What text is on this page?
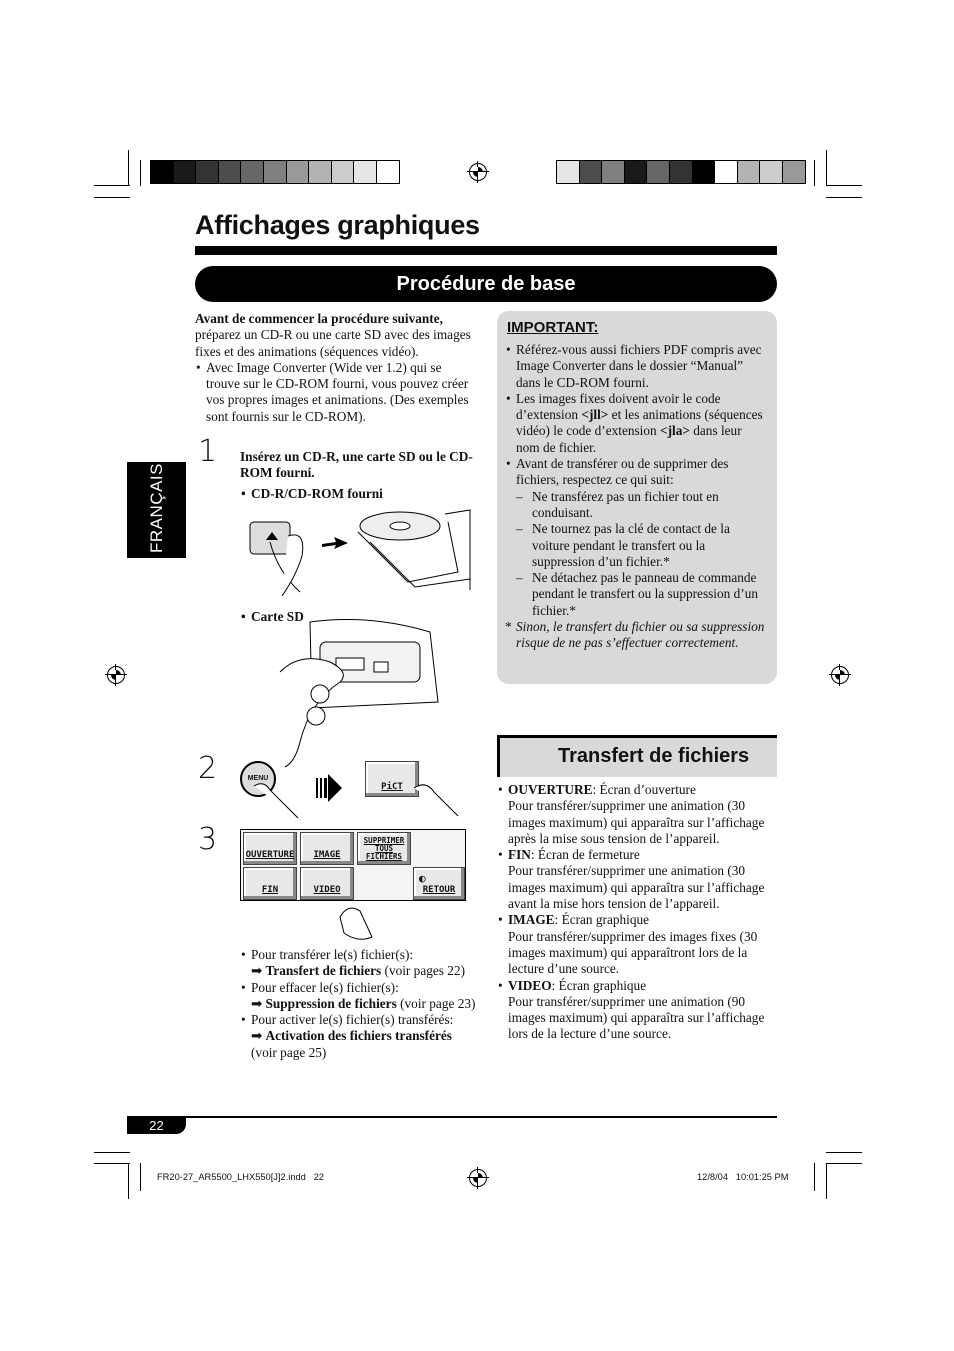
Affichages graphiques
Procédure de base
FRANÇAIS

Avant de commencer la procédure suivante,
préparez un CD-R ou une carte SD avec des images fixes et des animations (séquences vidéo).

• Avec Image Converter (Wide ver 1.2) qui se trouve sur le CD-ROM fourni, vous pouvez créer vos propres images et animations. (Des exemples sont fournis sur le CD-ROM).

1 Insérez un CD-R, une carte SD ou le CD-ROM fourni.
• CD-R/CD-ROM fourni
• Carte SD
2	MENU
PiCT
3	OUVERTURE IMAGE
SUPPRIMER TOUS FICHIERS
FIN	VIDEO
◐
RETOUR

• Pour transférer le(s) fichier(s):

➡ Transfert de fichiers (voir pages 22)

• Pour effacer le(s) fichier(s):

➡ Suppression de fichiers (voir page 23)

• Pour activer le(s) fichier(s) transférés:

➡ Activation des fichiers transférés (voir page 25)

IMPORTANT:

• Référez-vous aussi fichiers PDF compris avec Image Converter dans le dossier “Manual” dans le CD-ROM fourni.

• Les images fixes doivent avoir le code d’extension <jll> et les animations (séquences vidéo) le code d’extension <jla> dans leur nom de fichier.

• Avant de transférer ou de supprimer des fichiers, respectez ce qui suit:

– Ne transférez pas un fichier tout en conduisant.

– Ne tournez pas la clé de contact de la voiture pendant le transfert ou la suppression d’un fichier.*

– Ne détachez pas le panneau de commande pendant le transfert ou la suppression d’un fichier.*

* Sinon, le transfert du fichier ou sa suppression risque de ne pas s’effectuer correctement.

Transfert de fichiers

• OUVERTURE: Écran d’ouverture

Pour transférer/supprimer une animation (30 images maximum) qui apparaîtra sur l’affichage après la mise sous tension de l’appareil.

• FIN: Écran de fermeture

Pour transférer/supprimer une animation (30 images maximum) qui apparaîtra sur l’affichage avant la mise hors tension de l’appareil.

• IMAGE: Écran graphique

Pour transférer/supprimer des images fixes (30 images maximum) qui apparaîtront lors de la lecture d’une source.

• VIDEO: Écran graphique

Pour transférer/supprimer une animation (90 images maximum) qui apparaîtra sur l’affichage lors de la lecture d’une source.

22
FR20-27_AR5500_LHX550[J]2.indd   22	12/8/04   10:01:25 PM
